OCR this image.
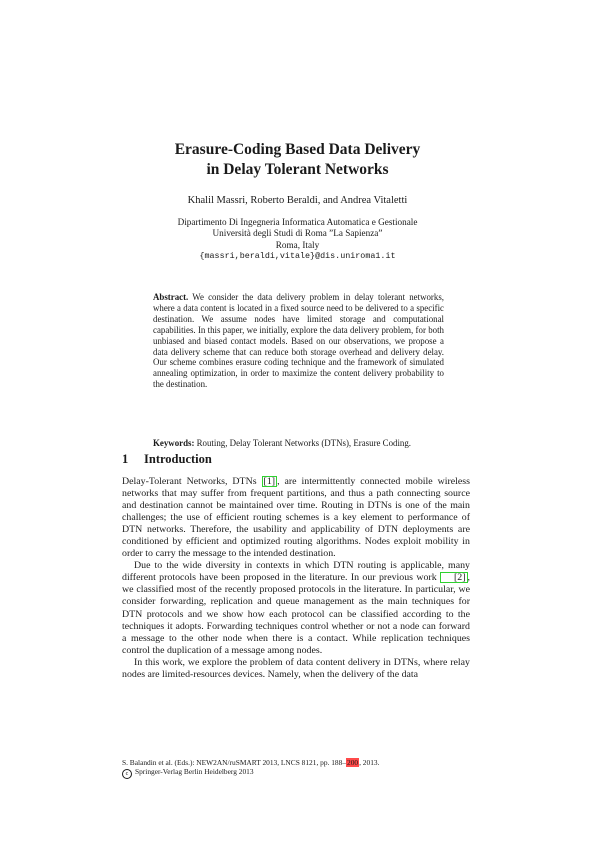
Erasure-Coding Based Data Delivery
in Delay Tolerant Networks
Khalil Massri, Roberto Beraldi, and Andrea Vitaletti
Dipartimento Di Ingegneria Informatica Automatica e Gestionale
Università degli Studi di Roma ”La Sapienza”
Roma, Italy
{massri,beraldi,vitale}@dis.uniroma1.it
Abstract. We consider the data delivery problem in delay tolerant networks, where a data content is located in a fixed source need to be delivered to a specific destination. We assume nodes have limited storage and computational capabilities. In this paper, we initially, explore the data delivery problem, for both unbiased and biased contact models. Based on our observations, we propose a data delivery scheme that can reduce both storage overhead and delivery delay. Our scheme combines erasure coding technique and the framework of simulated annealing optimization, in order to maximize the content delivery probability to the destination.
Keywords: Routing, Delay Tolerant Networks (DTNs), Erasure Coding.
1 Introduction

Delay-Tolerant Networks, DTNs [1] , are intermittently connected mobile wireless networks that may suffer from frequent partitions, and thus a path connecting source and destination cannot be maintained over time. Routing in DTNs is one of the main challenges; the use of efficient routing schemes is a key element to performance of DTN networks. Therefore, the usability and applicability of DTN deployments are conditioned by efficient and optimized routing algorithms. Nodes exploit mobility in order to carry the message to the intended destination.

Due to the wide diversity in contexts in which DTN routing is applicable, many different protocols have been proposed in the literature. In our previous work [2] , we classified most of the recently proposed protocols in the literature. In particular, we consider forwarding, replication and queue management as the main techniques for DTN protocols and we show how each protocol can be classified according to the techniques it adopts. Forwarding techniques control whether or not a node can forward a message to the other node when there is a contact. While replication techniques control the duplication of a message among nodes.

In this work, we explore the problem of data content delivery in DTNs, where relay nodes are limited-resources devices. Namely, when the delivery of the data

S. Balandin et al. (Eds.): NEW2AN/ruSMART 2013, LNCS 8121, pp. 188–200, 2013.
c Springer-Verlag Berlin Heidelberg 2013
